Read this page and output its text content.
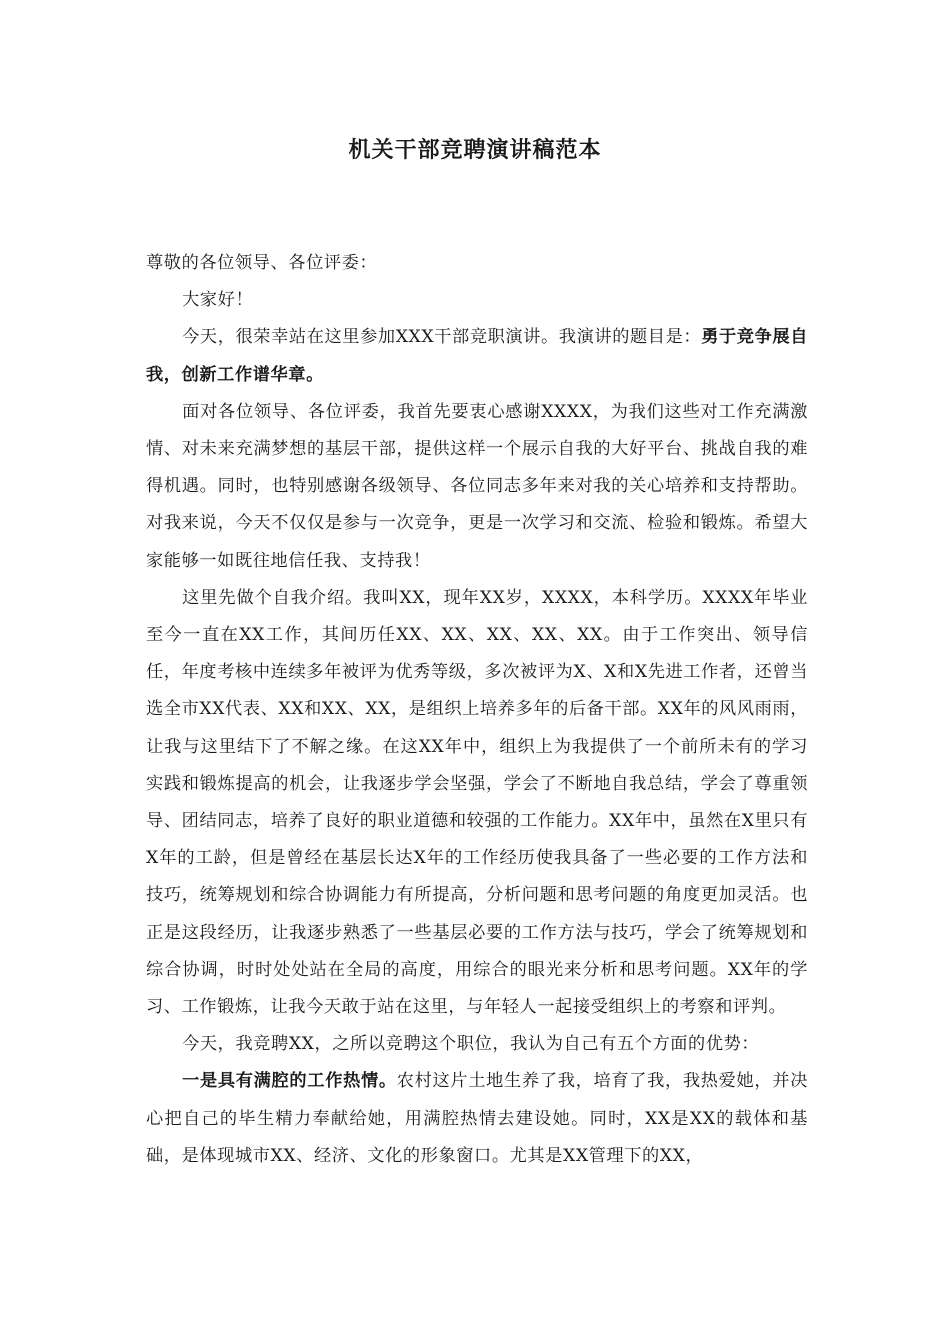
机关干部竞聘演讲稿范本

尊敬的各位领导、各位评委：

大家好！

今天，很荣幸站在这里参加XXX干部竞职演讲。我演讲的题目是：勇于竞争展自我，创新工作谱华章。

面对各位领导、各位评委，我首先要衷心感谢XXXX，为我们这些对工作充满激情、对未来充满梦想的基层干部，提供这样一个展示自我的大好平台、挑战自我的难得机遇。同时，也特别感谢各级领导、各位同志多年来对我的关心培养和支持帮助。对我来说，今天不仅仅是参与一次竞争，更是一次学习和交流、检验和锻炼。希望大家能够一如既往地信任我、支持我！

这里先做个自我介绍。我叫XX，现年XX岁，XXXX，本科学历。XXXX年毕业至今一直在XX工作，其间历任XX、XX、XX、XX、XX。由于工作突出、领导信任，年度考核中连续多年被评为优秀等级，多次被评为X、X和X先进工作者，还曾当选全市XX代表、XX和XX、XX，是组织上培养多年的后备干部。XX年的风风雨雨，让我与这里结下了不解之缘。在这XX年中，组织上为我提供了一个前所未有的学习实践和锻炼提高的机会，让我逐步学会坚强，学会了不断地自我总结，学会了尊重领导、团结同志，培养了良好的职业道德和较强的工作能力。XX年中，虽然在X里只有X年的工龄，但是曾经在基层长达X年的工作经历使我具备了一些必要的工作方法和技巧，统筹规划和综合协调能力有所提高，分析问题和思考问题的角度更加灵活。也正是这段经历，让我逐步熟悉了一些基层必要的工作方法与技巧，学会了统筹规划和综合协调，时时处处站在全局的高度，用综合的眼光来分析和思考问题。XX年的学习、工作锻炼，让我今天敢于站在这里，与年轻人一起接受组织上的考察和评判。

今天，我竞聘XX，之所以竞聘这个职位，我认为自己有五个方面的优势：

一是具有满腔的工作热情。农村这片土地生养了我，培育了我，我热爱她，并决心把自己的毕生精力奉献给她，用满腔热情去建设她。同时，XX是XX的载体和基础，是体现城市XX、经济、文化的形象窗口。尤其是XX管理下的XX，
